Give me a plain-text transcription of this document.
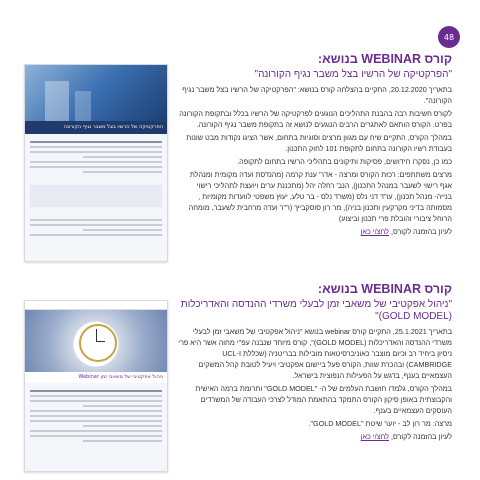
48
הפרקטיקה של הרשיו בצל משבר נגיף הקורונה
ניהול אפקטיבי של משאבי זמן Webinar
קורס WEBINAR בנושא:
"הפרקטיקה של הרשיו בצל משבר נגיף הקורונה"

בתאריך 20.12.2020, התקיים בהצלחה קורס בנושא: "הפרקטיקה של הרשיו בצל משבר נגיף הקורונה".

לקורס חשיבות רבה בהבנת התהליכים הנוגעים לפרקטיקה של הרשיו בכלל ובתקופת הקורונה בפרט. הקורס הותאם לאתגרים הרבים הנוגעים לנושא זה בתקופת משבר נגיף הקורונה.

במהלך הקורס, התקיים שיח עם מגוון מרצים וסוגיות בתחום, אשר הציגו נקודות מבט שונות בעבודת רשיו הקורונה בתחום לתקופת 101 לחוק התכנון.

כמו כן, נסקרו חידושים, פסיקות ותיקונים בתהליכי הרשיו בתחום לתקופה.

מרצים משתתפים: רכזת הקורס ומרצה - אדר' ענת קרמה (מהנדסת ועדה מקומית ומנהלת אגף רישוי לשעבר במנהל התכנון), הנב' רחלה יהל (מתכננת ערים ויועצת לתהליכי רישוי בנייה- מנהל תכנון), עו"ד דני נלס (משרד נלס - בר טלע, יעוץ משפטי לוועדות מקומיות , מסמותה בדיני מקרקעין ותכנון בניה), מר רון סוסקביץ' (ר"ר ועדה מרחבית לשעבר, מומחה הרוחל ציבורי והובלת פרי תכנון וביצוע)

לעיון בהזמנה לקורס, לחצ/י כאן

קורס WEBINAR בנושא:
"ניהול אפקטיבי של משאבי זמן לבעלי משרדי ההנדסה והאדריכלות (GOLD MODEL)"

בתאריך 25.1.2021, התקיים קורס webinar בנושא "ניהול אפקטיבי של משאבי זמן לבעלי משרדי ההנדסה והאדריכלות (GOLD MODEL)", קורס מיוחד שנבנה עפ"י מחוה אשר היא פרי ניסיון ביחיד רב וכיום מוצבר כאוניברסיטאות מובילות בבריטניה (שכללת UCL-I CAMBRIDGE) ובהכרת שוות, הקורס פעל ביישום אפקטיבי ויעיל לטובת קהל המשקים העצמאיים בענף, בדגש על הפעילות הנפוצית בישראל.

במהלך הקורס, גלמדו חושבת העלמים של ה- "GOLD MODEL" ותרומת ברמה האישית והקבוצתית באופן סיקון הקורס התמקד בהתאמת המודל לצרכי העבודה של המשרדים העוסקים העצמאיים בענף.

מרצה: מר רון לב - יוער שיטת "GOLD MODEL".

לעיון בהזמנה לקורס, לחצ/י כאן
